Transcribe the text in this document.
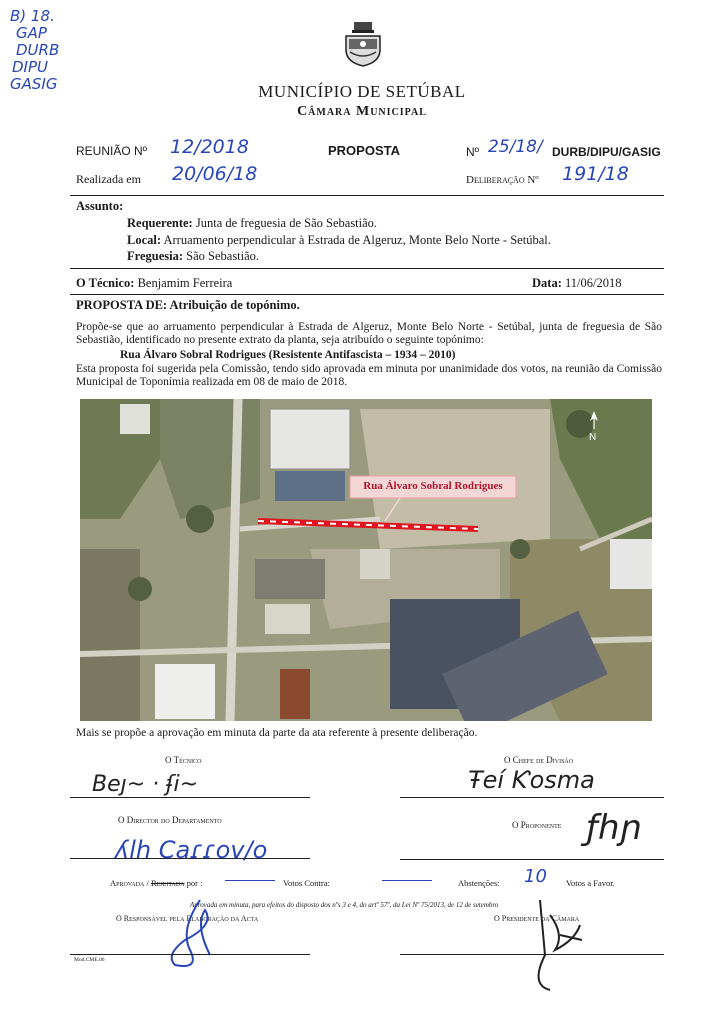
B) 18.
GAP
DURB
DIPU
GASIG	MUNICÍPIO DE SETÚBAL
Câmara Municipal
REUNIÃO Nº 12/2018
Realizada em 20/06/18
PROPOSTA	Nº 25/18/ DURB/DIPU/GASIG
Deliberação Nº 191/18
Assunto:
Requerente: Junta de freguesia de São Sebastião.
Local: Arruamento perpendicular à Estrada de Algeruz, Monte Belo Norte - Setúbal.
Freguesia: São Sebastião.
O Técnico: Benjamim Ferreira	Data: 11/06/2018
PROPOSTA DE: Atribuição de topónimo.
Propõe-se que ao arruamento perpendicular à Estrada de Algeruz, Monte Belo Norte - Setúbal, junta de freguesia de São Sebastião, identificado no presente extrato da planta, seja atribuído o seguinte topónimo:
Rua Álvaro Sobral Rodrigues (Resistente Antifascista – 1934 – 2010)
Esta proposta foi sugerida pela Comissão, tendo sido aprovada em minuta por unanimidade dos votos, na reunião da Comissão Municipal de Toponímia realizada em 08 de maio de 2018.
Rua Álvaro Sobral Rodrigues
N
Mais se propõe a aprovação em minuta da parte da ata referente à presente deliberação.
O Técnico
Beȷ~ · ʄi~
O Chefe de Divisão
Ŧeí Ƙosma
O Director do Departamento
ʎlh Caɾɾov/o
O Proponente ƒhɲ
Aprovada / Rejeitada por :	Votos Contra:	Abstenções: 10 Votos a Favor.
Aprovada em minuta, para efeitos do disposto dos nºs 3 e 4, do artº 57º, da Lei Nº 75/2013, de 12 de setembro
O Responsável pela Elaboração da Acta	O Presidente da Câmara
Mod.CME.06
